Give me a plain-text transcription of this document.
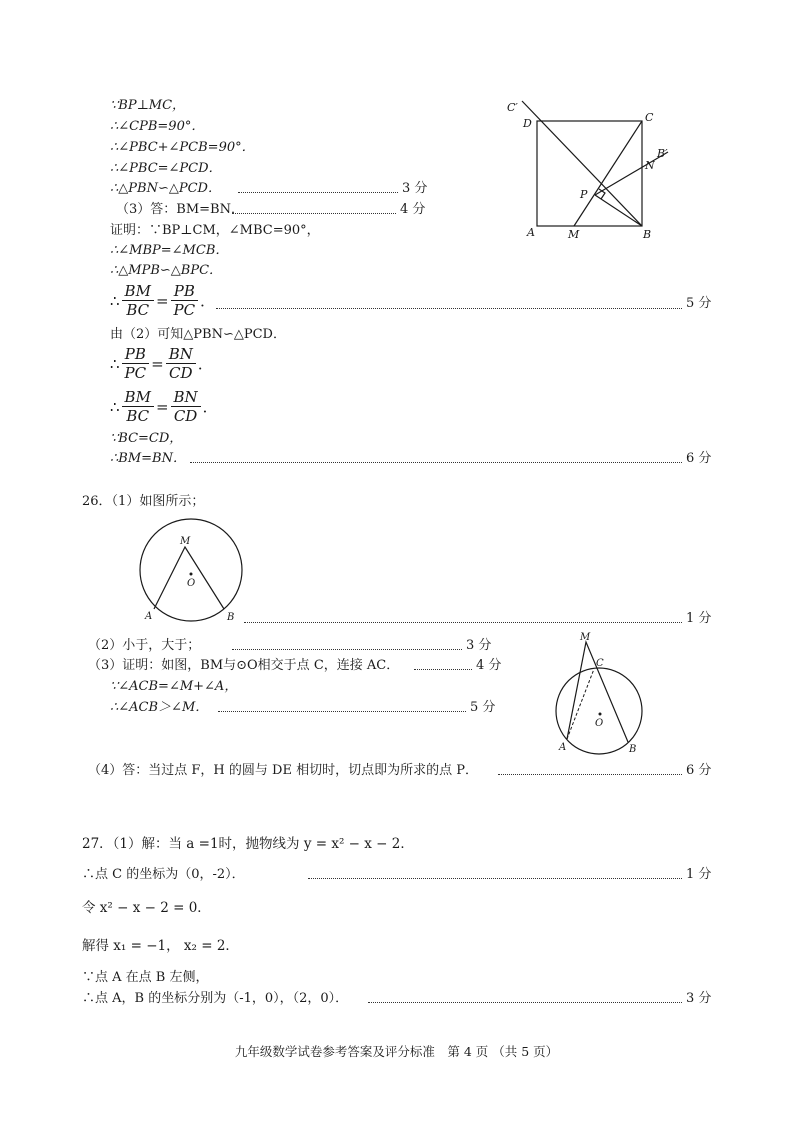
∵BP⊥MC，
∴∠CPB=90°．
∴∠PBC+∠PCB=90°．
∴∠PBC=∠PCD．
∴△PBN∽△PCD．	3 分
（3）答：BM=BN．	4 分
证明：∵BP⊥CM，∠MBC=90°，
∴∠MBP=∠MCB．
∴△MPB∽△BPC．
∴ $\frac{BM}{BC} = \frac{PB}{PC}$ ．	5 分
由（2）可知△PBN∽△PCD．
∴ $\frac{PB}{PC} = \frac{BN}{CD}$ ．
∴ $\frac{BM}{BC} = \frac{BN}{CD}$ ．
∵BC=CD，
∴BM=BN．	6 分
C′
D	C
B′
N
P
A	M	B
26．（1）如图所示；
M
O
A	B	1 分
（2）小于，大于；	3 分
（3）证明：如图，BM与⊙O相交于点 C，连接 AC．	4 分
∵∠ACB=∠M+∠A，
∴∠ACB＞∠M．	5 分
M
C
O
A	B
（4）答：当过点 F，H 的圆与 DE 相切时，切点即为所求的点 P．	6 分
27．（1）解：当 a =1时，抛物线为 y = x² − x − 2．
∴点 C 的坐标为（0，-2）．	1 分
令 x² − x − 2 = 0．
解得 x₁ = −1， x₂ = 2．
∵点 A 在点 B 左侧，
∴点 A，B 的坐标分别为（-1，0），（2，0）．	3 分
九年级数学试卷参考答案及评分标准　第 4 页 （共 5 页）
